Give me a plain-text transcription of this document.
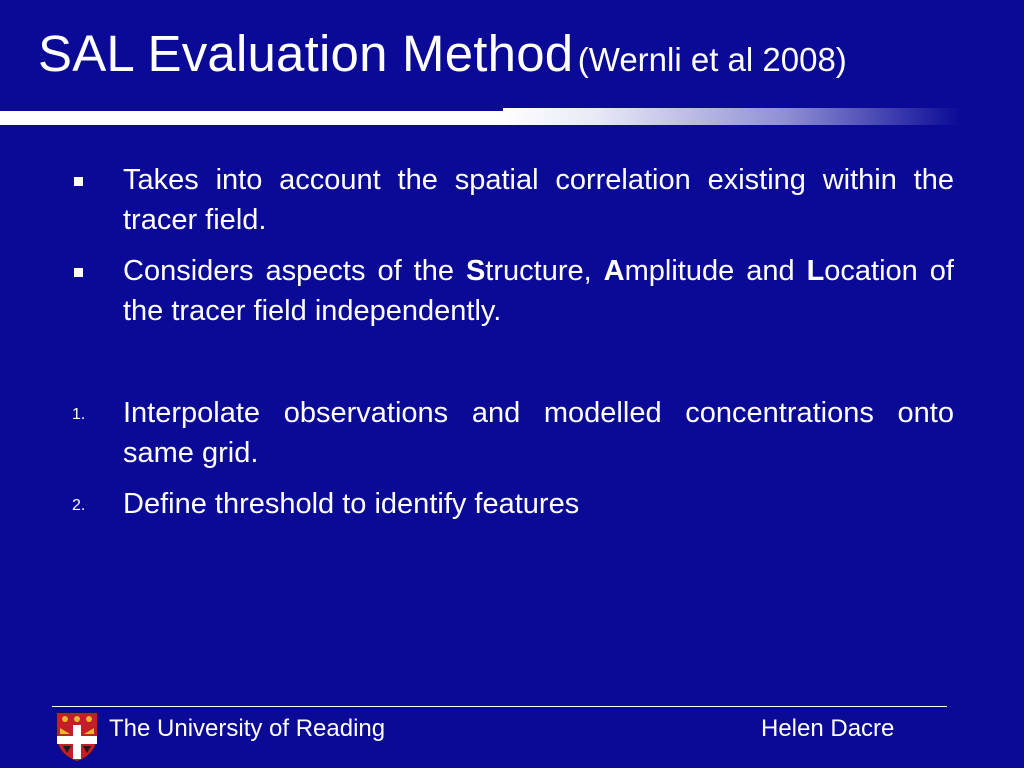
SAL Evaluation Method (Wernli et al 2008)
Takes into account the spatial correlation existing within the tracer field.
Considers aspects of the Structure, Amplitude and Location of the tracer field independently.
1. Interpolate observations and modelled concentrations onto same grid.
2. Define threshold to identify features
The University of Reading	Helen Dacre
